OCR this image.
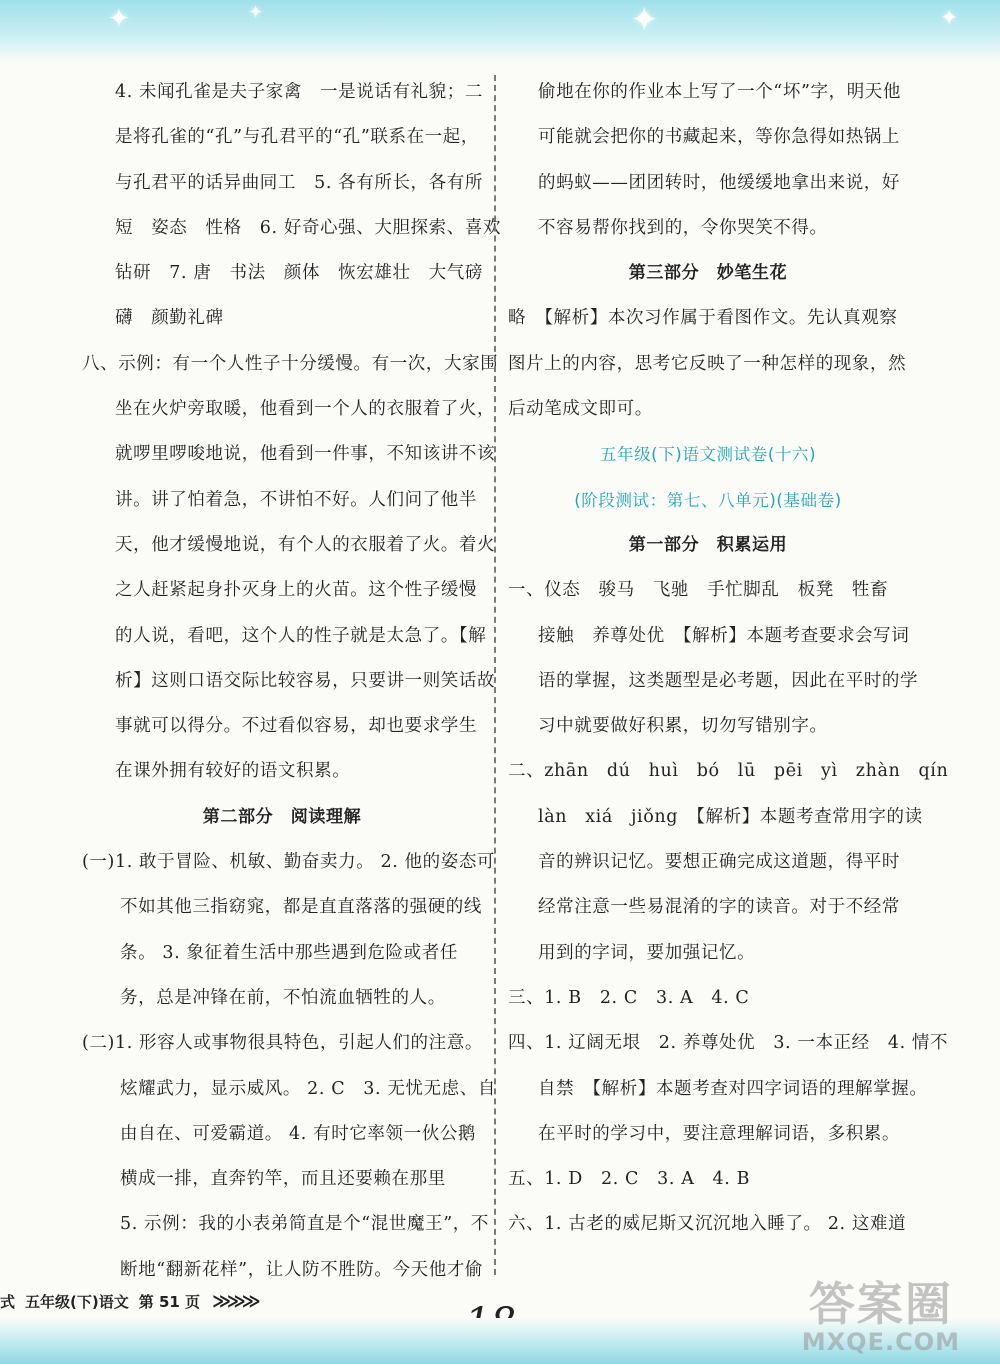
✦	✦	✦	✦
4. 未闻孔雀是夫子家禽　一是说话有礼貌；二
是将孔雀的“孔”与孔君平的“孔”联系在一起，
与孔君平的话异曲同工　5. 各有所长，各有所
短　姿态　性格　6. 好奇心强、大胆探索、喜欢
钻研　7. 唐　书法　颜体　恢宏雄壮　大气磅
礴　颜勤礼碑
八、示例：有一个人性子十分缓慢。有一次，大家围
坐在火炉旁取暖，他看到一个人的衣服着了火，
就啰里啰唆地说，他看到一件事，不知该讲不该
讲。讲了怕着急，不讲怕不好。人们问了他半
天，他才缓慢地说，有个人的衣服着了火。着火
之人赶紧起身扑灭身上的火苗。这个性子缓慢
的人说，看吧，这个人的性子就是太急了。【解
析】这则口语交际比较容易，只要讲一则笑话故
事就可以得分。不过看似容易，却也要求学生
在课外拥有较好的语文积累。
第二部分　阅读理解
(一)1. 敢于冒险、机敏、勤奋卖力。 2. 他的姿态可
不如其他三指窈窕，都是直直落落的强硬的线
条。 3. 象征着生活中那些遇到危险或者任
务，总是冲锋在前，不怕流血牺牲的人。
(二)1. 形容人或事物很具特色，引起人们的注意。
炫耀武力，显示威风。 2. C　3. 无忧无虑、自
由自在、可爱霸道。 4. 有时它率领一伙公鹅
横成一排，直奔钓竿，而且还要赖在那里
5. 示例：我的小表弟简直是个“混世魔王”，不
断地“翻新花样”，让人防不胜防。今天他才偷
偷地在你的作业本上写了一个“坏”字，明天他
可能就会把你的书藏起来，等你急得如热锅上
的蚂蚁——团团转时，他缓缓地拿出来说，好
不容易帮你找到的，令你哭笑不得。
第三部分　妙笔生花
略　【解析】本次习作属于看图作文。先认真观察
图片上的内容，思考它反映了一种怎样的现象，然
后动笔成文即可。
五年级(下)语文测试卷(十六)
(阶段测试：第七、八单元)(基础卷)
第一部分　积累运用
一、仪态　骏马　飞驰　手忙脚乱　板凳　牲畜
接触　养尊处优　【解析】本题考查要求会写词
语的掌握，这类题型是必考题，因此在平时的学
习中就要做好积累，切勿写错别字。
二、zhān　dú　huì　bó　lū　pēi　yì　zhàn　qín
làn　xiá　jiǒng　【解析】本题考查常用字的读
音的辨识记忆。要想正确完成这道题，得平时
经常注意一些易混淆的字的读音。对于不经常
用到的字词，要加强记忆。
三、1. B　2. C　3. A　4. C
四、1. 辽阔无垠　2. 养尊处优　3. 一本正经　4. 情不
自禁　【解析】本题考查对四字词语的理解掌握。
在平时的学习中，要注意理解词语，多积累。
五、1. D　2. C　3. A　4. B
六、1. 古老的威尼斯又沉沉地入睡了。 2. 这难道
式 五年级(下)语文 第 51 页 ≫≫≫	答案圈
MXQE.COM
